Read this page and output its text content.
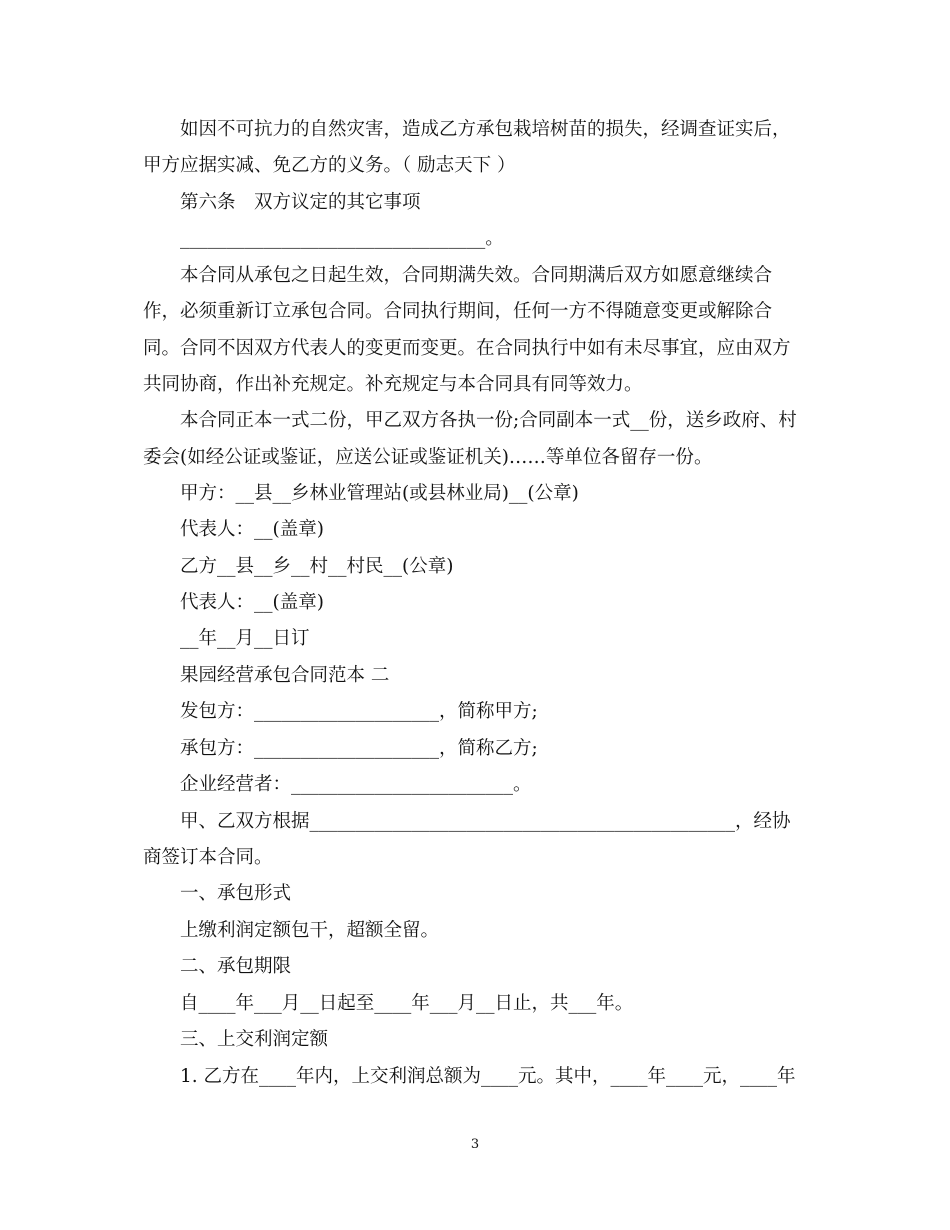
如因不可抗力的自然灾害，造成乙方承包栽培树苗的损失，经调查证实后，
甲方应据实减、免乙方的义务。（ 励志天下 ）
第六条　双方议定的其它事项
_________________________________。
本合同从承包之日起生效，合同期满失效。合同期满后双方如愿意继续合
作，必须重新订立承包合同。合同执行期间，任何一方不得随意变更或解除合
同。合同不因双方代表人的变更而变更。在合同执行中如有未尽事宜，应由双方
共同协商，作出补充规定。补充规定与本合同具有同等效力。
本合同正本一式二份，甲乙双方各执一份;合同副本一式__份，送乡政府、村
委会(如经公证或鉴证，应送公证或鉴证机关)……等单位各留存一份。
甲方：__县__乡林业管理站(或县林业局)__(公章)
代表人：__(盖章)
乙方__县__乡__村__村民__(公章)
代表人：__(盖章)
__年__月__日订
果园经营承包合同范本 二
发包方：____________________，简称甲方;
承包方：____________________，简称乙方;
企业经营者：________________________。
甲、乙双方根据______________________________________________，经协
商签订本合同。
一、承包形式
上缴利润定额包干，超额全留。
二、承包期限
自____年___月__日起至____年___月__日止，共___年。
三、上交利润定额
1. 乙方在____年内，上交利润总额为____元。其中，____年____元，____年
3
